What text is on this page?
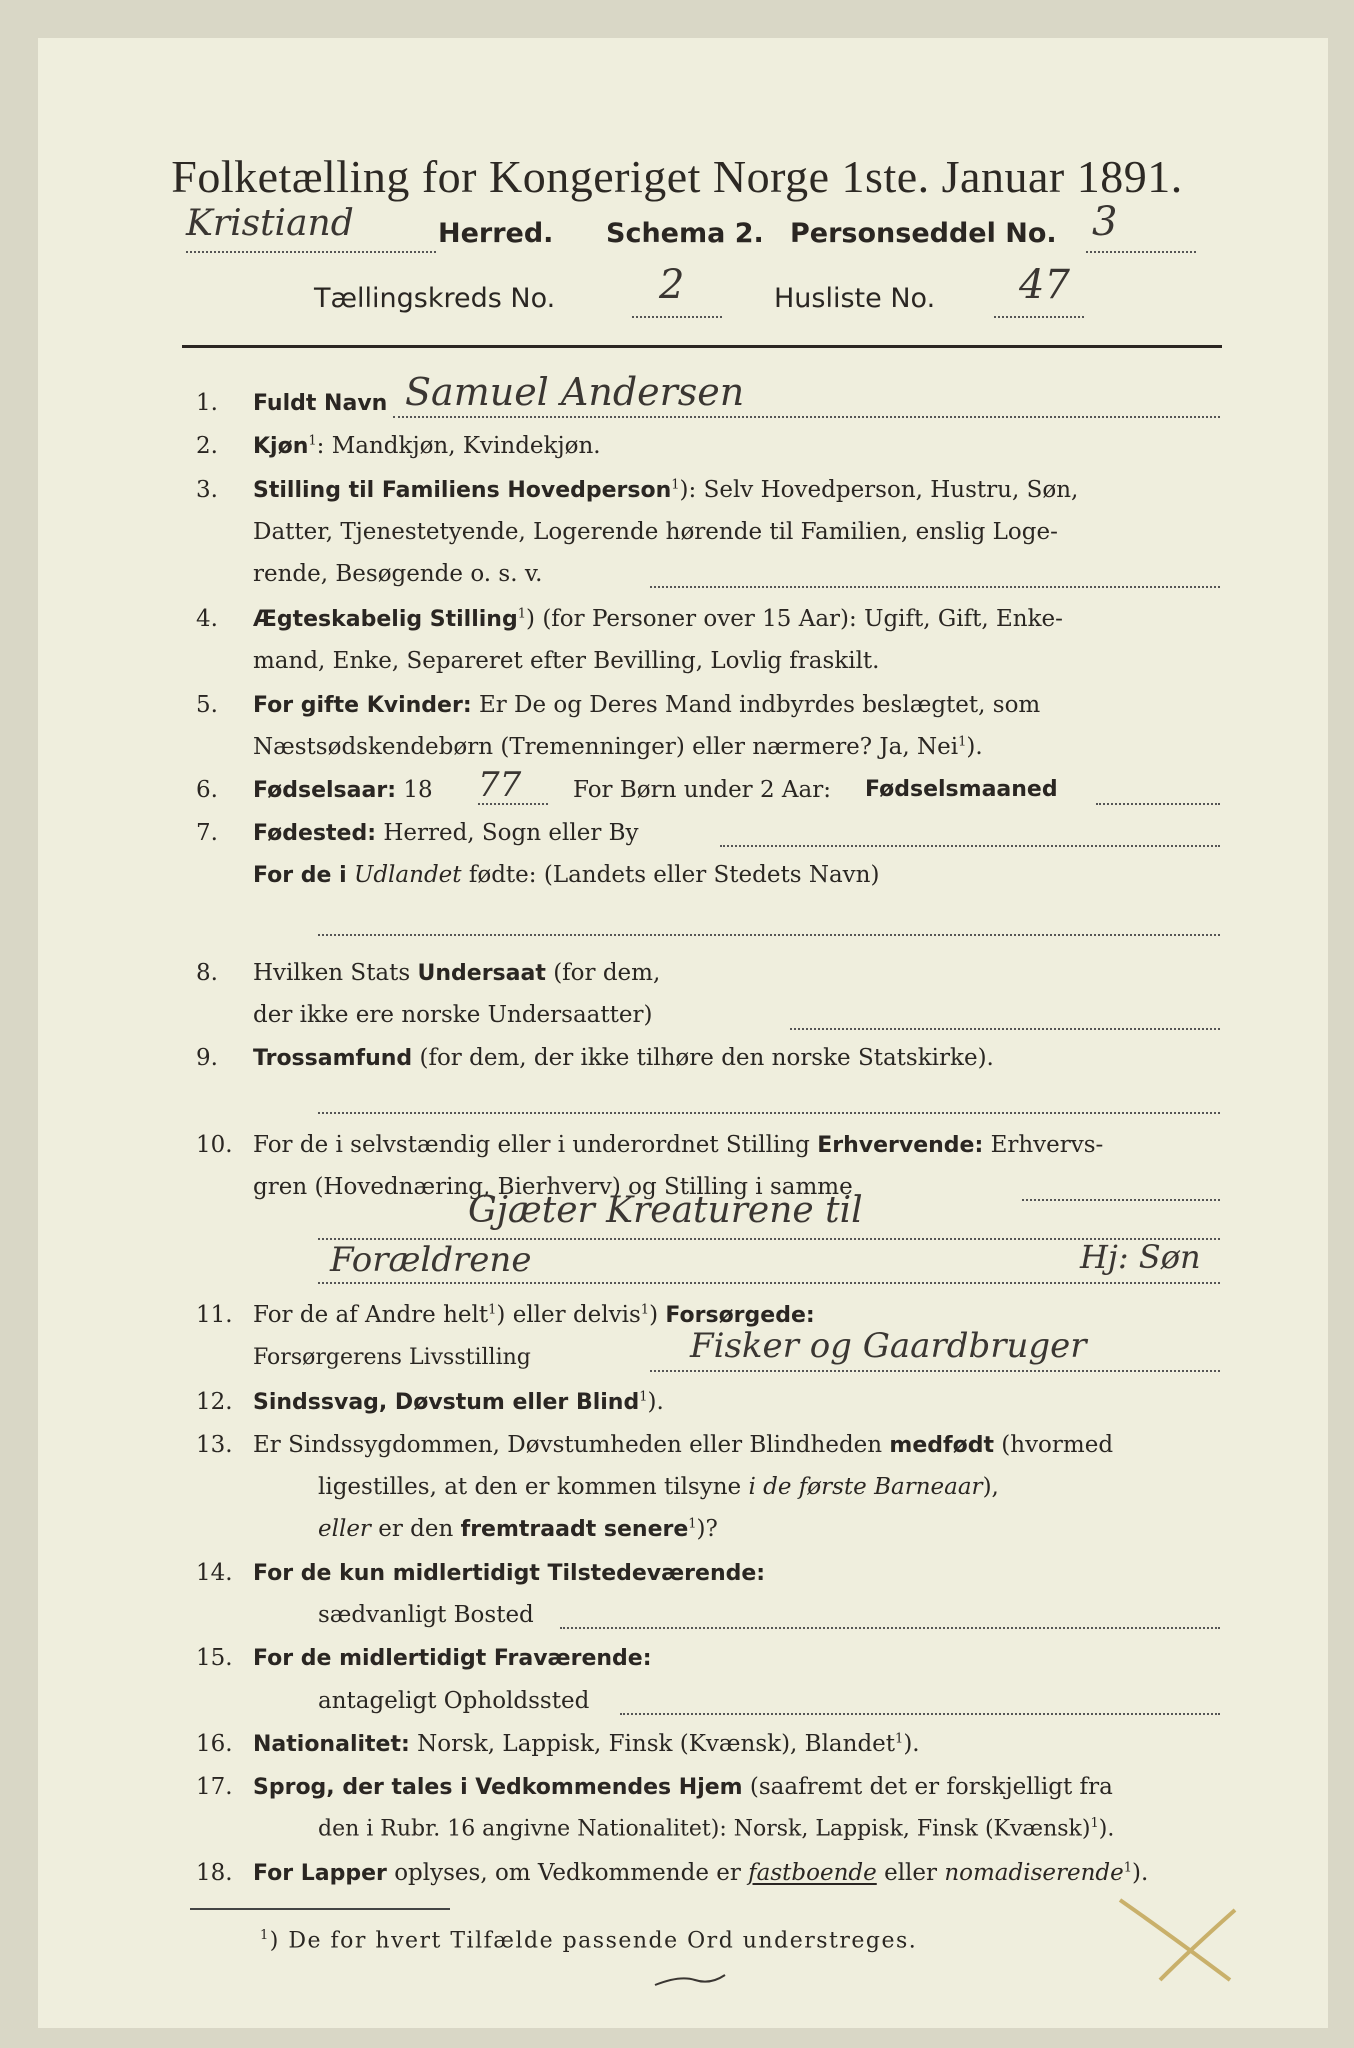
Folketælling for Kongeriget Norge 1ste. Januar 1891.
Kristiand	Herred. Schema 2. Personseddel No. 3
Tællingskreds No.	2	Husliste No. 47
1.	Fuldt Navn Samuel Andersen
2.	Kjøn$^1$: Mandkjøn, Kvindekjøn.
3.	Stilling til Familiens Hovedperson$^1$): Selv Hovedperson, Hustru, Søn,
Datter, Tjenestetyende, Logerende hørende til Familien, enslig Loge-
rende, Besøgende o. s. v.
4.	Ægteskabelig Stilling$^1$) (for Personer over 15 Aar): Ugift, Gift, Enke-
mand, Enke, Separeret efter Bevilling, Lovlig fraskilt.
5.	For gifte Kvinder: Er De og Deres Mand indbyrdes beslægtet, som
Næstsødskendebørn (Tremenninger) eller nærmere? Ja, Nei$^1$).
6.	Fødselsaar: 18 77 For Børn under 2 Aar: Fødselsmaaned
7.	Fødested: Herred, Sogn eller By
For de i Udlandet fødte: (Landets eller Stedets Navn)
8.	Hvilken Stats Undersaat (for dem,
der ikke ere norske Undersaatter)
9.	Trossamfund (for dem, der ikke tilhøre den norske Statskirke).
10. For de i selvstændig eller i underordnet Stilling Erhvervende: Erhvervs-
gren (Hovednæring, Bierhverv) og Stilling i samme
Gjæter Kreaturene til
Forældrene	Hj: Søn
11. For de af Andre helt$^1$) eller delvis$^1$) Forsørgede:
Forsørgerens Livsstilling	Fisker og Gaardbruger
12. Sindssvag, Døvstum eller Blind$^1$).
13. Er Sindssygdommen, Døvstumheden eller Blindheden medfødt (hvormed
ligestilles, at den er kommen tilsyne i de første Barneaar),
eller er den fremtraadt senere$^1$)?
14. For de kun midlertidigt Tilstedeværende:
sædvanligt Bosted
15. For de midlertidigt Fraværende:
antageligt Opholdssted
16. Nationalitet: Norsk, Lappisk, Finsk (Kvænsk), Blandet$^1$).
17. Sprog, der tales i Vedkommendes Hjem (saafremt det er forskjelligt fra
den i Rubr. 16 angivne Nationalitet): Norsk, Lappisk, Finsk (Kvænsk)$^1$).
18. For Lapper oplyses, om Vedkommende er fastboende eller nomadiserende$^1$).
$^1$) De for hvert Tilfælde passende Ord understreges.
